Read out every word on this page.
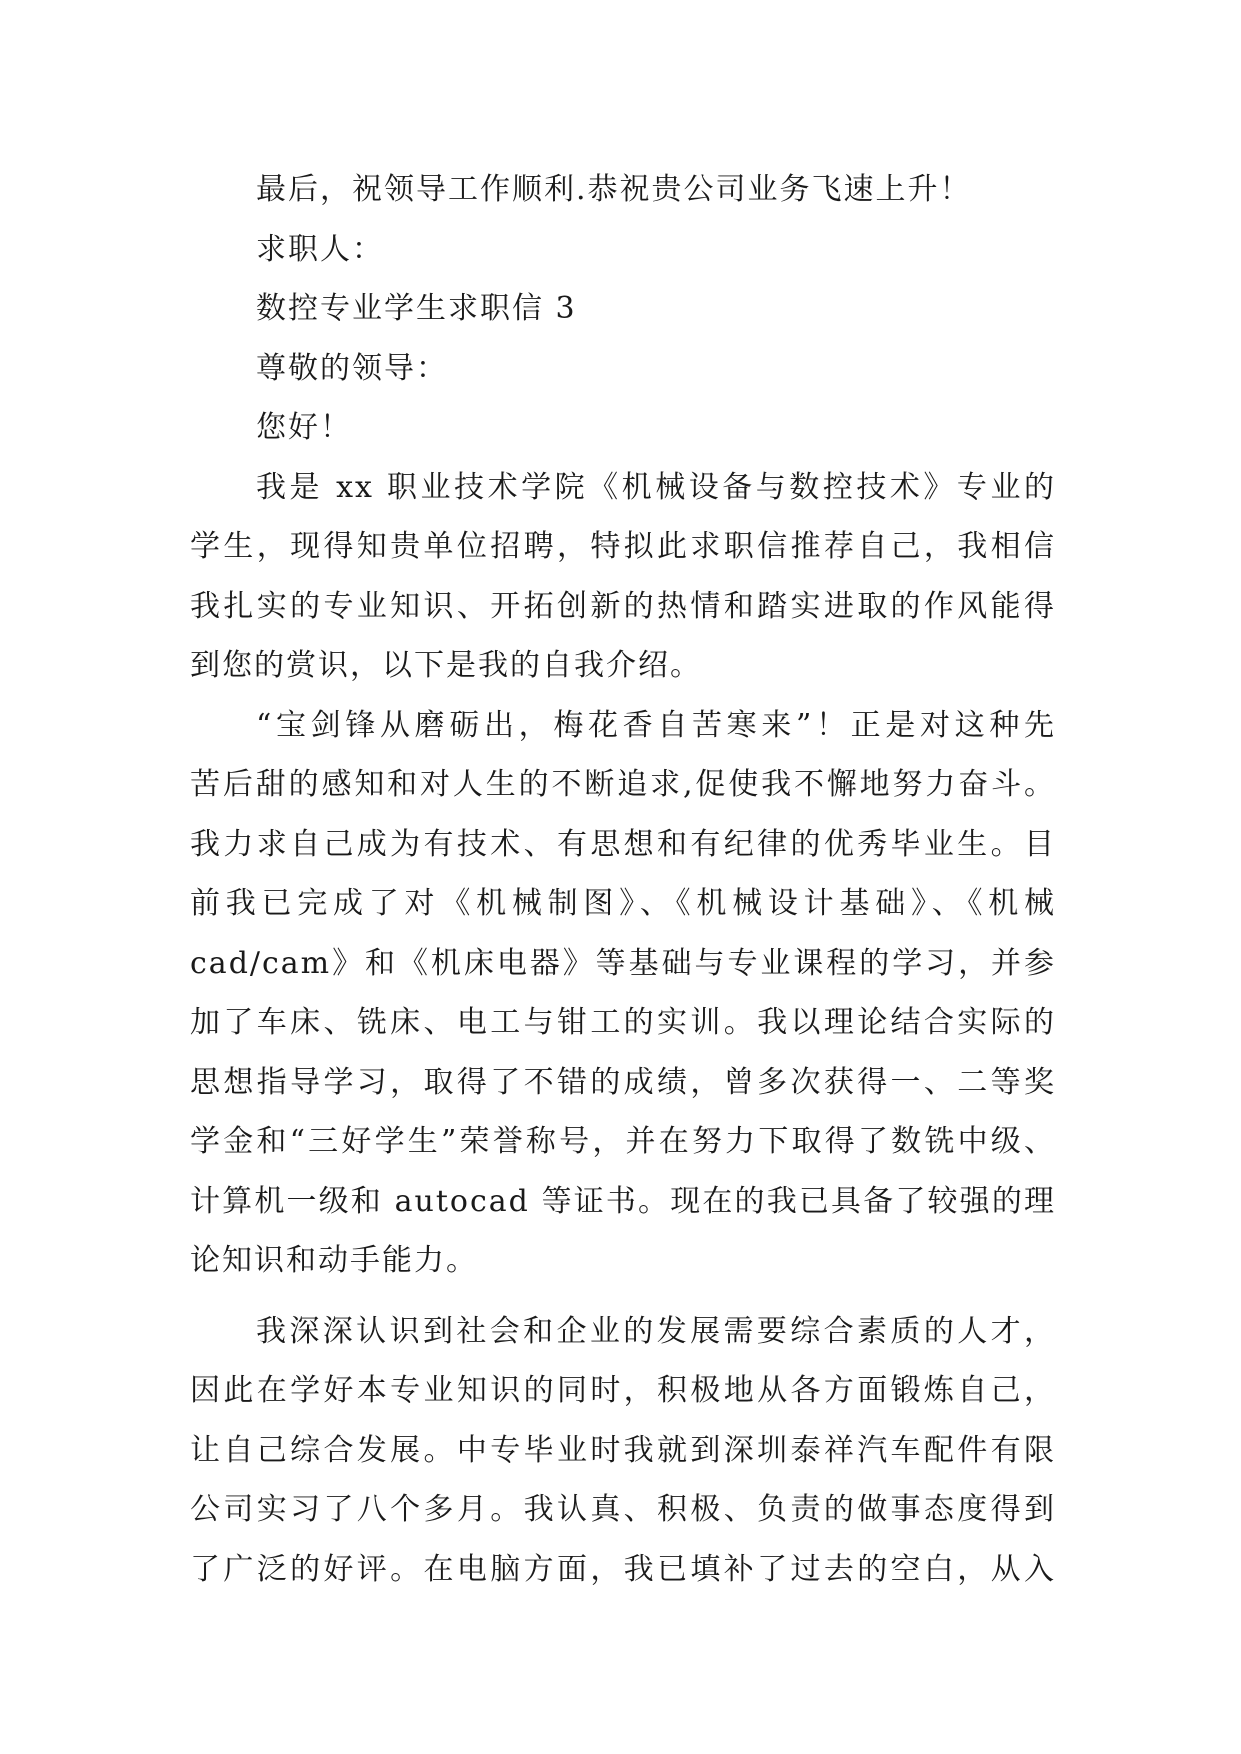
最后，祝领导工作顺利.恭祝贵公司业务飞速上升！
求职人：
数控专业学生求职信 3
尊敬的领导：
您好！
我是 xx 职业技术学院《机械设备与数控技术》专业的
学生，现得知贵单位招聘，特拟此求职信推荐自己，我相信
我扎实的专业知识、开拓创新的热情和踏实进取的作风能得
到您的赏识，以下是我的自我介绍。
“宝剑锋从磨砺出，梅花香自苦寒来”！正是对这种先
苦后甜的感知和对人生的不断追求,促使我不懈地努力奋斗。
我力求自己成为有技术、有思想和有纪律的优秀毕业生。目
前我已完成了对《机械制图》、《机械设计基础》、《机械
cad/cam》和《机床电器》等基础与专业课程的学习，并参
加了车床、铣床、电工与钳工的实训。我以理论结合实际的
思想指导学习，取得了不错的成绩，曾多次获得一、二等奖
学金和“三好学生”荣誉称号，并在努力下取得了数铣中级、
计算机一级和 autocad 等证书。现在的我已具备了较强的理
论知识和动手能力。
我深深认识到社会和企业的发展需要综合素质的人才，
因此在学好本专业知识的同时，积极地从各方面锻炼自己，
让自己综合发展。中专毕业时我就到深圳泰祥汽车配件有限
公司实习了八个多月。我认真、积极、负责的做事态度得到
了广泛的好评。在电脑方面，我已填补了过去的空白，从入
